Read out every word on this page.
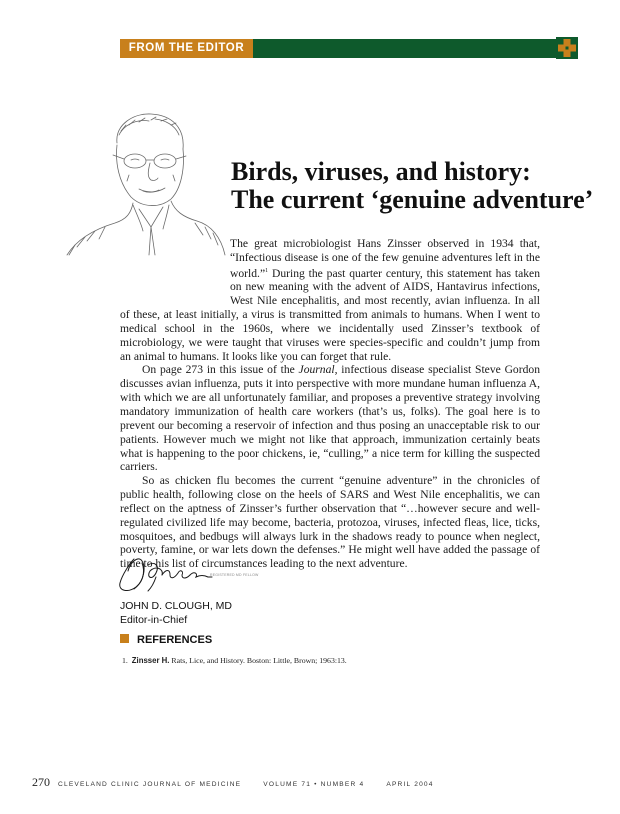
FROM THE EDITOR
Birds, viruses, and history:
The current ‘genuine adventure’

The great microbiologist Hans Zinsser observed in 1934 that, “Infectious disease is one of the few genuine adventures left in the world.”$^1$ During the past quarter century, this statement has taken on new meaning with the advent of AIDS, Hantavirus infections, West Nile encephalitis, and most recently, avian influenza. In all of these, at least initially, a virus is transmitted from animals to humans. When I went to medical school in the 1960s, where we incidentally used Zinsser’s textbook of microbiology, we were taught that viruses were species-specific and couldn’t jump from an animal to humans. It looks like you can forget that rule.

On page 273 in this issue of the Journal, infectious disease specialist Steve Gordon discusses avian influenza, puts it into perspective with more mundane human influenza A, with which we are all unfortunately familiar, and proposes a preventive strategy involving mandatory immunization of health care workers (that’s us, folks). The goal here is to prevent our becoming a reservoir of infection and thus posing an unacceptable risk to our patients. However much we might not like that approach, immunization certainly beats what is happening to the poor chickens, ie, “culling,” a nice term for killing the suspected carriers.

So as chicken flu becomes the current “genuine adventure” in the chronicles of public health, following close on the heels of SARS and West Nile encephalitis, we can reflect on the aptness of Zinsser’s further observation that “…however secure and well-regulated civilized life may become, bacteria, protozoa, viruses, infected fleas, lice, ticks, mosquitoes, and bedbugs will always lurk in the shadows ready to pounce when neglect, poverty, famine, or war lets down the defenses.” He might well have added the passage of time to his list of circumstances leading to the next adventure.

REGISTERED MD FELLOW
JOHN D. CLOUGH, MD
Editor-in-Chief
REFERENCES
1. Zinsser H. Rats, Lice, and History. Boston: Little, Brown; 1963:13.
270 CLEVELAND CLINIC JOURNAL OF MEDICINE	VOLUME 71 • NUMBER 4	APRIL 2004
